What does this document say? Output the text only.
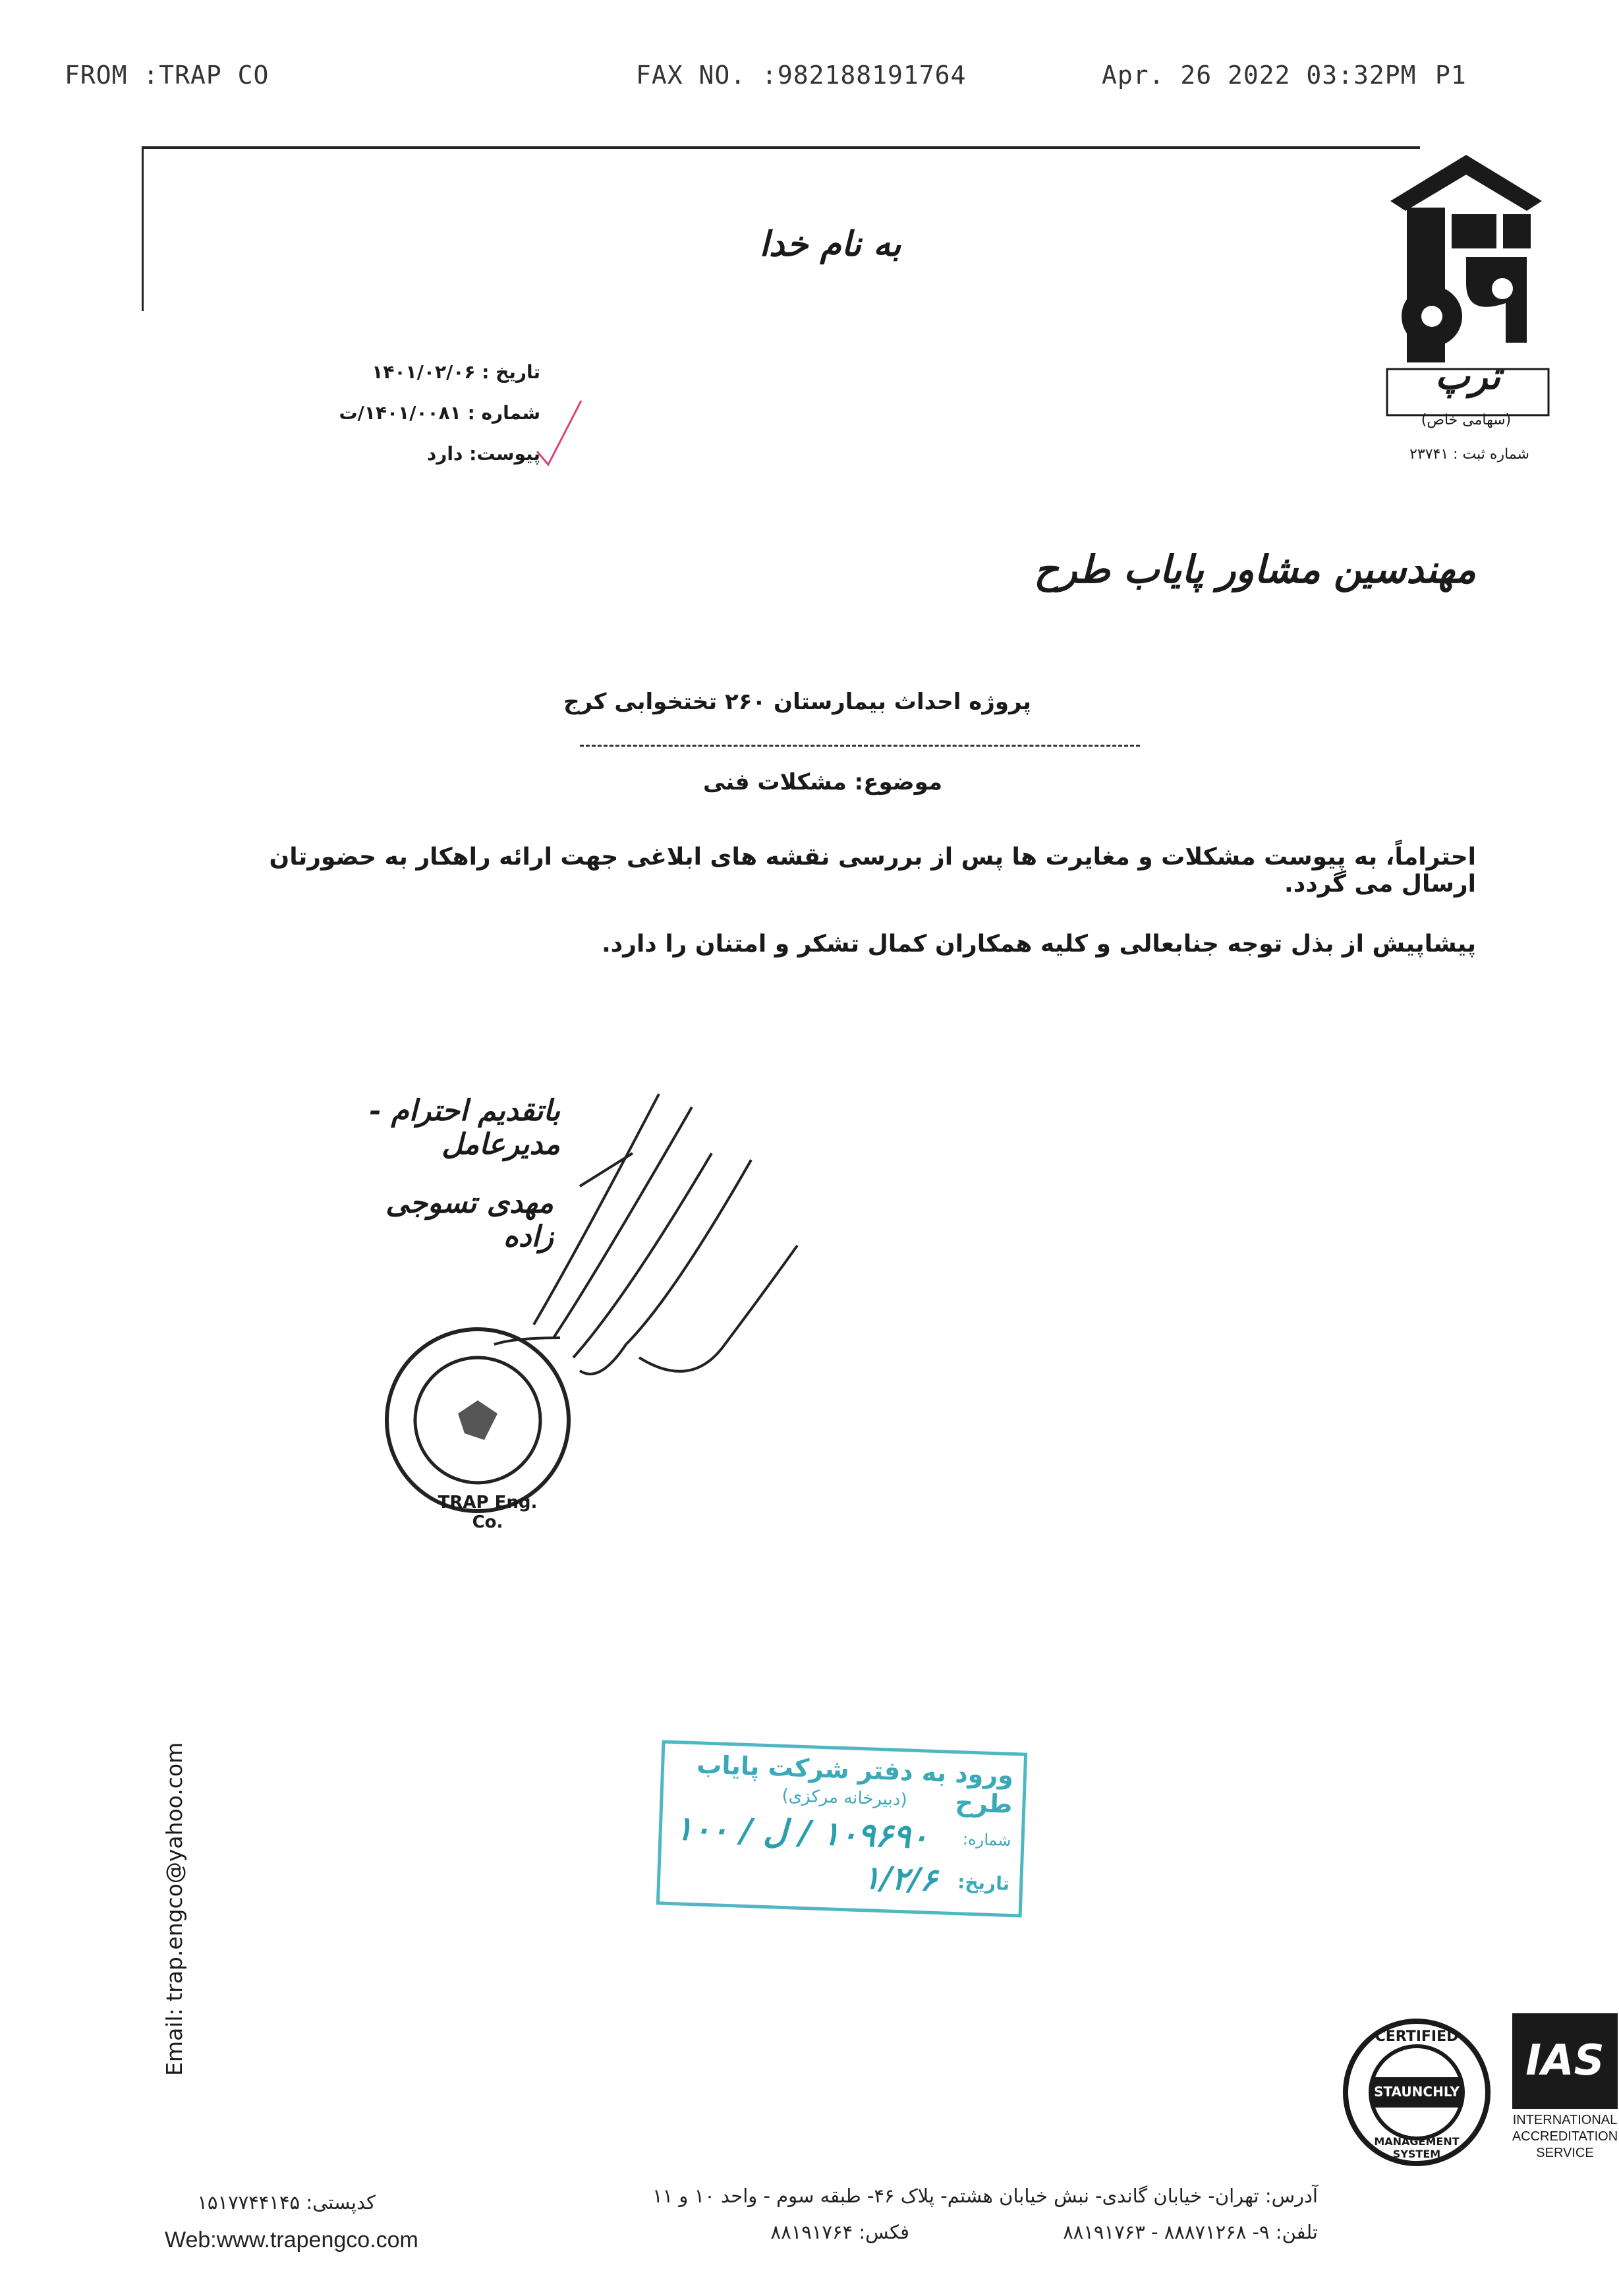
FROM :TRAP CO	FAX NO. :982188191764	Apr. 26 2022 03:32PM P1
ترپ
(سهامی خاص)
شماره ثبت : ۲۳۷۴۱
به نام خدا
تاریخ : ۱۴۰۱/۰۲/۰۶
شماره : ۱۴۰۱/۰۰۸۱/ت
پیوست: دارد
مهندسین مشاور پایاب طرح
پروژه احداث بیمارستان ۲۶۰ تختخوابی کرج
موضوع: مشکلات فنی
احتراماً، به پیوست مشکلات و مغایرت ها پس از بررسی نقشه های ابلاغی جهت ارائه راهکار به حضورتان ارسال می گردد.
پیشاپیش از بذل توجه جنابعالی و کلیه همکاران کمال تشکر و امتنان را دارد.
باتقدیم احترام - مدیرعامل
مهدی تسوجی زاده
TRAP Eng. Co.
Email: trap.engco@yahoo.com	ورود به دفتر شرکت پایاب طرح
(دبیرخانه مرکزی)
شماره:
۱۰۹۶۹۰ / ل / ۱۰۰
تاریخ:
۱/۲/۶
CERTIFIED
STAUNCHLY
MANAGEMENT SYSTEM
IAS
INTERNATIONAL
ACCREDITATION
SERVICE
کدپستی: ۱۵۱۷۷۴۴۱۴۵
Web:www.trapengco.com
آدرس: تهران- خیابان گاندی- نبش خیابان هشتم- پلاک ۴۶- طبقه سوم - واحد ۱۰ و ۱۱
تلفن: ۹- ۸۸۸۷۱۲۶۸ - ۸۸۱۹۱۷۶۳
فکس: ۸۸۱۹۱۷۶۴
